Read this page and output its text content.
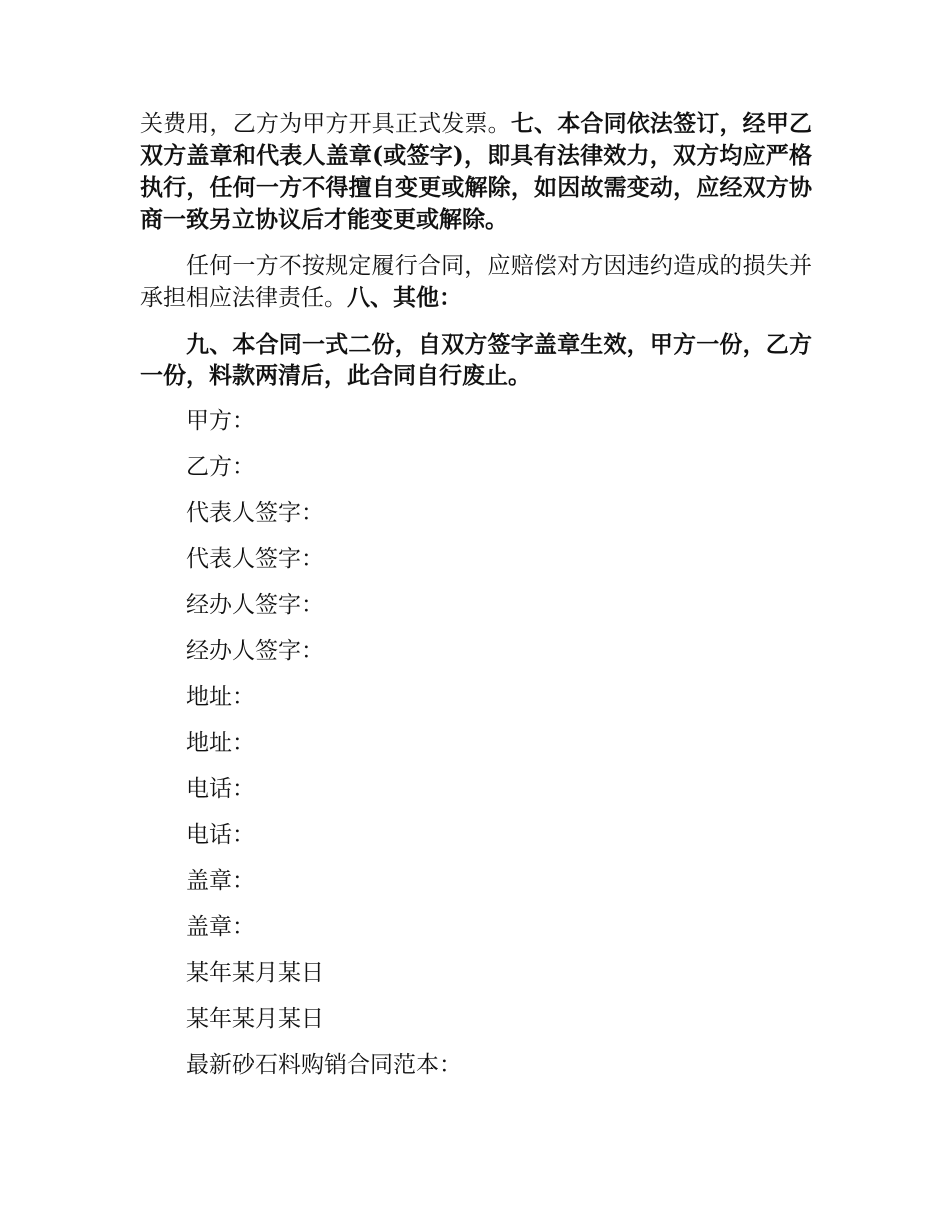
关费用，乙方为甲方开具正式发票。七、本合同依法签订，经甲乙双方盖章和代表人盖章(或签字)，即具有法律效力，双方均应严格执行，任何一方不得擅自变更或解除，如因故需变动，应经双方协商一致另立协议后才能变更或解除。

任何一方不按规定履行合同，应赔偿对方因违约造成的损失并承担相应法律责任。八、其他：

九、本合同一式二份，自双方签字盖章生效，甲方一份，乙方一份，料款两清后，此合同自行废止。

甲方：
乙方：
代表人签字：
代表人签字：
经办人签字：
经办人签字：
地址：
地址：
电话：
电话：
盖章：
盖章：
某年某月某日
某年某月某日
最新砂石料购销合同范本：
